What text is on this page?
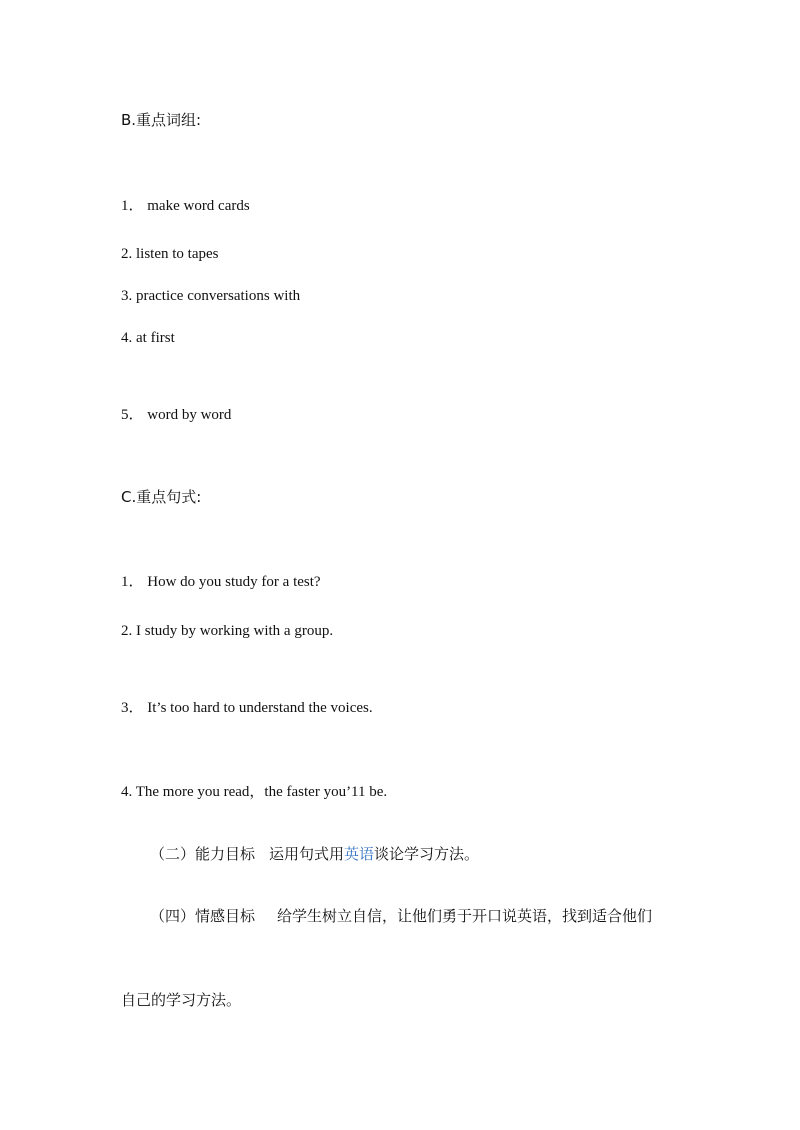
B.重点词组:
1． make word cards
2. listen to tapes
3. practice conversations with
4. at first
5． word by word
C.重点句式:
1． How do you study for a test?
2. I study by working with a group.
3． It’s too hard to understand the voices.
4. The more you read，the faster you’11 be.
（二）能力目标 运用句式用英语谈论学习方法。
（四）情感目标 给学生树立自信，让他们勇于开口说英语，找到适合他们
自己的学习方法。
